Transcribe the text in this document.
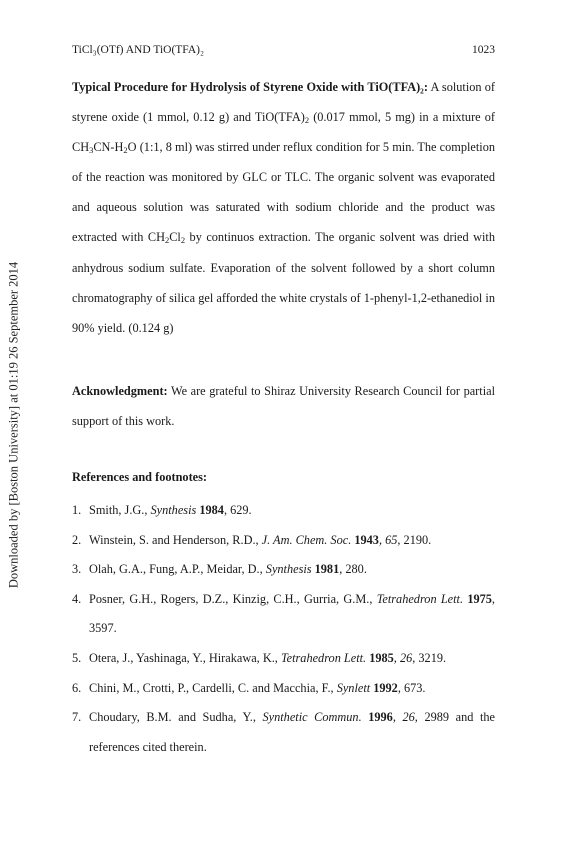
Downloaded by [Boston University] at 01:19 26 September 2014
TiCl₃(OTf) AND TiO(TFA)₂	1023

Typical Procedure for Hydrolysis of Styrene Oxide with TiO(TFA)₂: A solution of styrene oxide (1 mmol, 0.12 g) and $TiO(TFA)_2$ (0.017 mmol, 5 mg) in a mixture of $CH_3CN-H_2O$ (1:1, 8 ml) was stirred under reflux condition for 5 min. The completion of the reaction was monitored by GLC or TLC. The organic solvent was evaporated and aqueous solution was saturated with sodium chloride and the product was extracted with $CH_2Cl_2$ by continuos extraction. The organic solvent was dried with anhydrous sodium sulfate. Evaporation of the solvent followed by a short column chromatography of silica gel afforded the white crystals of 1-phenyl-1,2-ethanediol in 90% yield. (0.124 g)

Acknowledgment: We are grateful to Shiraz University Research Council for partial support of this work.

References and footnotes:

1. Smith, J.G., Synthesis 1984, 629.
2. Winstein, S. and Henderson, R.D., J. Am. Chem. Soc. 1943, 65, 2190.
3. Olah, G.A., Fung, A.P., Meidar, D., Synthesis 1981, 280.
4. Posner, G.H., Rogers, D.Z., Kinzig, C.H., Gurria, G.M., Tetrahedron Lett. 1975, 3597.
5. Otera, J., Yashinaga, Y., Hirakawa, K., Tetrahedron Lett. 1985, 26, 3219.
6. Chini, M., Crotti, P., Cardelli, C. and Macchia, F., Synlett 1992, 673.
7. Choudary, B.M. and Sudha, Y., Synthetic Commun. 1996, 26, 2989 and the references cited therein.
